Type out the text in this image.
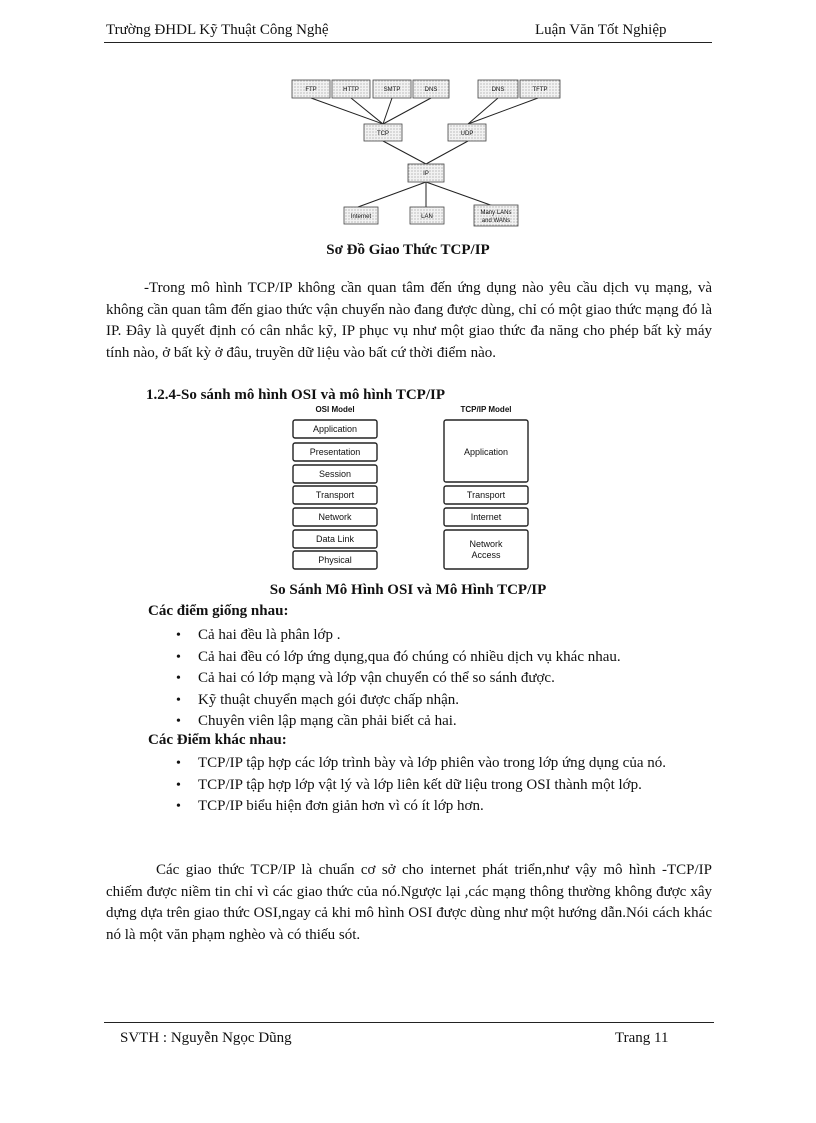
Trường ĐHDL Kỹ Thuật Công Nghệ	Luận Văn Tốt Nghiệp
FTP	HTTP	SMTP	DNS	DNS	TFTP
TCP	UDP
IP
Internet	LAN
Many LANs
and WANs
Sơ Đồ Giao Thức TCP/IP
-Trong mô hình TCP/IP không cần quan tâm đến ứng dụng nào yêu cầu dịch vụ mạng, và không cần quan tâm đến giao thức vận chuyển nào đang được dùng, chỉ có một giao thức mạng đó là IP. Đây là quyết định có cân nhắc kỹ, IP phục vụ như một giao thức đa năng cho phép bất kỳ máy tính nào, ở bất kỳ ở đâu, truyền dữ liệu vào bất cứ thời điểm nào.
1.2.4-So sánh mô hình OSI và mô hình TCP/IP
OSI Model	TCP/IP Model
Application
Presentation
Session
Transport
Network
Data Link
Physical
Application
Transport
Internet
Network
Access
So Sánh Mô Hình OSI và Mô Hình TCP/IP
Các điểm giống nhau:
• Cả hai đều là phân lớp .
• Cả hai đều có lớp ứng dụng,qua đó chúng có nhiều dịch vụ khác nhau.
• Cả hai có lớp mạng và lớp vận chuyển có thể so sánh được.
• Kỹ thuật chuyển mạch gói được chấp nhận.
• Chuyên viên lập mạng cần phải biết cả hai.
Các Điểm khác nhau:
• TCP/IP tập hợp các lớp trình bày và lớp phiên vào trong lớp ứng dụng của nó.
• TCP/IP tập hợp lớp vật lý và lớp liên kết dữ liệu trong OSI thành một lớp.
• TCP/IP biểu hiện đơn giản hơn vì có ít lớp hơn.
Các giao thức TCP/IP là chuẩn cơ sở cho internet phát triển,như vậy mô hình -TCP/IP chiếm được niềm tin chỉ vì các giao thức của nó.Ngược lại ,các mạng thông thường không được xây dựng dựa trên giao thức OSI,ngay cả khi mô hình OSI được dùng như một hướng dẫn.Nói cách khác nó là một văn phạm nghèo và có thiếu sót.
SVTH : Nguyễn Ngọc Dũng	Trang 11
